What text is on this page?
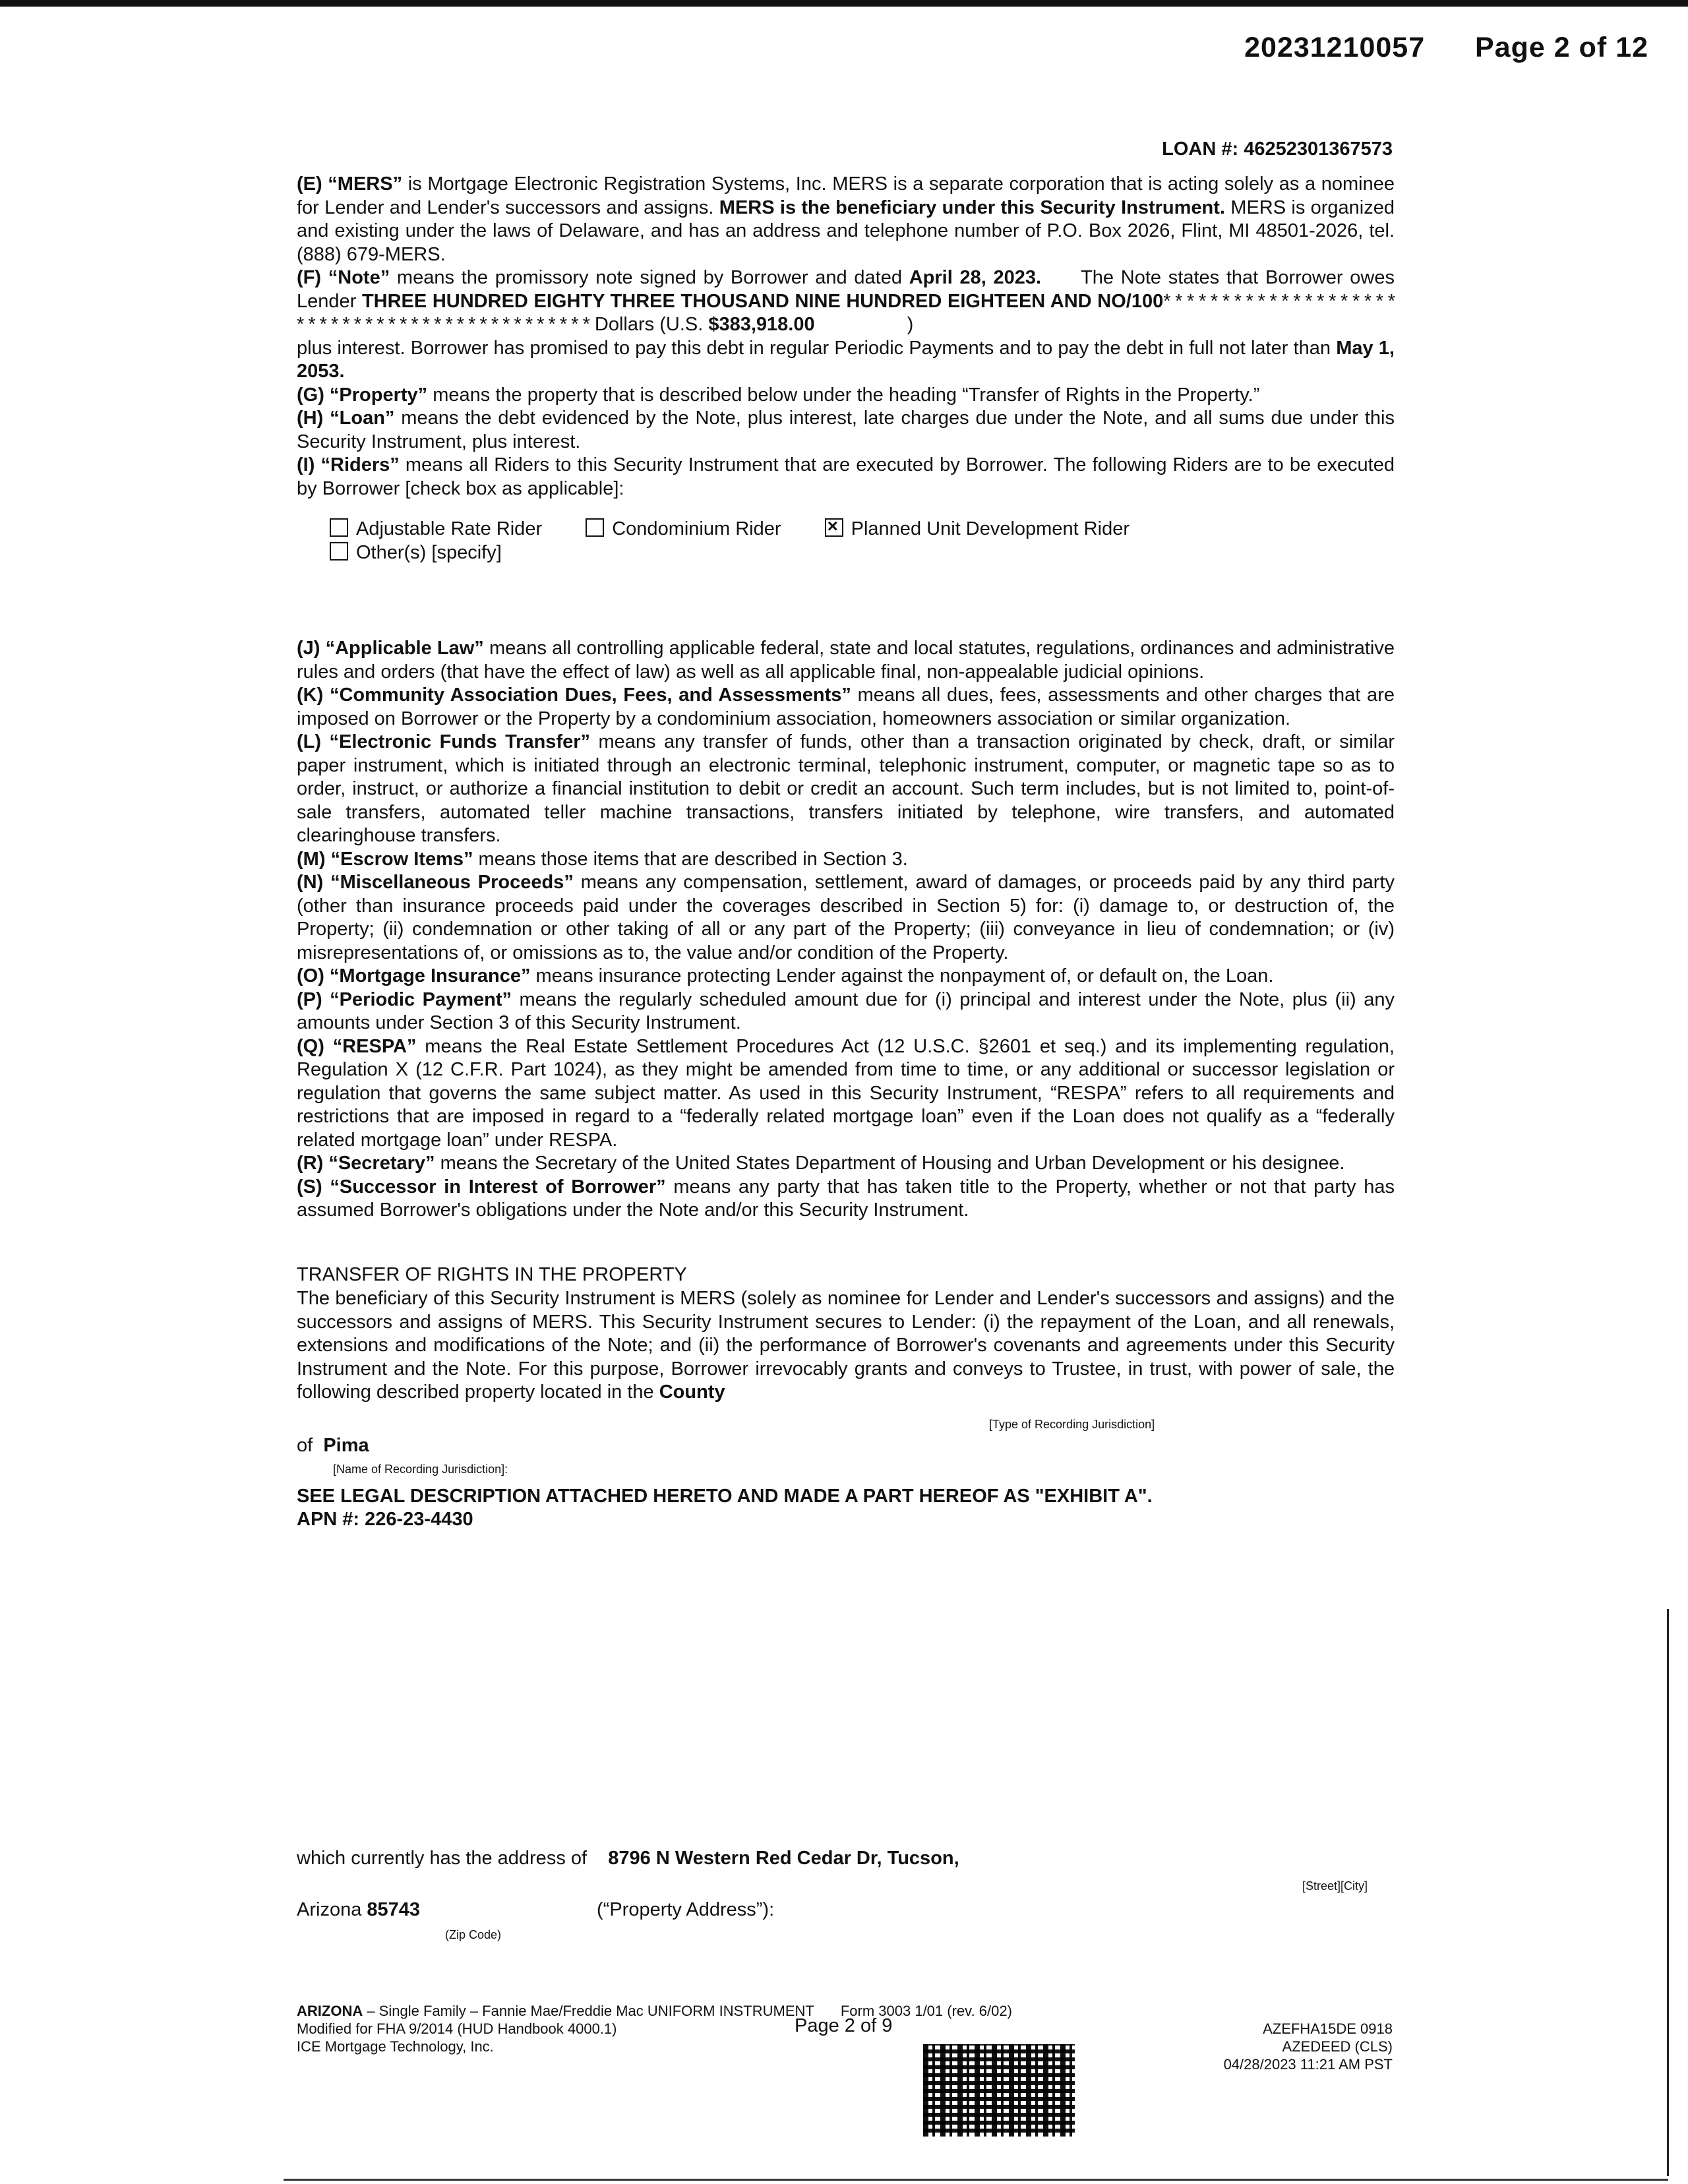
20231210057 Page 2 of 12
LOAN #: 46252301367573

(E) “MERS” is Mortgage Electronic Registration Systems, Inc. MERS is a separate corporation that is acting solely as a nominee for Lender and Lender's successors and assigns. MERS is the beneficiary under this Security Instrument. MERS is organized and existing under the laws of Delaware, and has an address and telephone number of P.O. Box 2026, Flint, MI 48501-2026, tel. (888) 679-MERS.

(F) “Note” means the promissory note signed by Borrower and dated April 28, 2023. The Note states that Borrower owes Lender THREE HUNDRED EIGHTY THREE THOUSAND NINE HUNDRED EIGHTEEN AND NO/100* * * * * * * * * * * * * * * * * * * * * * * * * * * * * * * * * * * * * * * * * * * * * * Dollars (U.S. $383,918.00	)

plus interest. Borrower has promised to pay this debt in regular Periodic Payments and to pay the debt in full not later than May 1, 2053.

(G) “Property” means the property that is described below under the heading “Transfer of Rights in the Property.”

(H) “Loan” means the debt evidenced by the Note, plus interest, late charges due under the Note, and all sums due under this Security Instrument, plus interest.

(I) “Riders” means all Riders to this Security Instrument that are executed by Borrower. The following Riders are to be executed by Borrower [check box as applicable]:

Adjustable Rate Rider	Condominium Rider  ×	Planned Unit Development Rider
Other(s) [specify]

(J) “Applicable Law” means all controlling applicable federal, state and local statutes, regulations, ordinances and administrative rules and orders (that have the effect of law) as well as all applicable final, non-appealable judicial opinions.

(K) “Community Association Dues, Fees, and Assessments” means all dues, fees, assessments and other charges that are imposed on Borrower or the Property by a condominium association, homeowners association or similar organization.

(L) “Electronic Funds Transfer” means any transfer of funds, other than a transaction originated by check, draft, or similar paper instrument, which is initiated through an electronic terminal, telephonic instrument, computer, or magnetic tape so as to order, instruct, or authorize a financial institution to debit or credit an account. Such term includes, but is not limited to, point-of-sale transfers, automated teller machine transactions, transfers initiated by telephone, wire transfers, and automated clearinghouse transfers.

(M) “Escrow Items” means those items that are described in Section 3.

(N) “Miscellaneous Proceeds” means any compensation, settlement, award of damages, or proceeds paid by any third party (other than insurance proceeds paid under the coverages described in Section 5) for: (i) damage to, or destruction of, the Property; (ii) condemnation or other taking of all or any part of the Property; (iii) conveyance in lieu of condemnation; or (iv) misrepresentations of, or omissions as to, the value and/or condition of the Property.

(O) “Mortgage Insurance” means insurance protecting Lender against the nonpayment of, or default on, the Loan.

(P) “Periodic Payment” means the regularly scheduled amount due for (i) principal and interest under the Note, plus (ii) any amounts under Section 3 of this Security Instrument.

(Q) “RESPA” means the Real Estate Settlement Procedures Act (12 U.S.C. §2601 et seq.) and its implementing regulation, Regulation X (12 C.F.R. Part 1024), as they might be amended from time to time, or any additional or successor legislation or regulation that governs the same subject matter. As used in this Security Instrument, “RESPA” refers to all requirements and restrictions that are imposed in regard to a “federally related mortgage loan” even if the Loan does not qualify as a “federally related mortgage loan” under RESPA.

(R) “Secretary” means the Secretary of the United States Department of Housing and Urban Development or his designee.

(S) “Successor in Interest of Borrower” means any party that has taken title to the Property, whether or not that party has assumed Borrower's obligations under the Note and/or this Security Instrument.

TRANSFER OF RIGHTS IN THE PROPERTY
The beneficiary of this Security Instrument is MERS (solely as nominee for Lender and Lender's successors and assigns) and the successors and assigns of MERS. This Security Instrument secures to Lender: (i) the repayment of the Loan, and all renewals, extensions and modifications of the Note; and (ii) the performance of Borrower's covenants and agreements under this Security Instrument and the Note. For this purpose, Borrower irrevocably grants and conveys to Trustee, in trust, with power of sale, the following described property located in the County
[Type of Recording Jurisdiction]
of Pima
[Name of Recording Jurisdiction]:
SEE LEGAL DESCRIPTION ATTACHED HERETO AND MADE A PART HEREOF AS "EXHIBIT A".
APN #: 226-23-4430
which currently has the address of 8796 N Western Red Cedar Dr, Tucson,
[Street][City]
Arizona 85743	(“Property Address”):
(Zip Code)
ARIZONA – Single Family – Fannie Mae/Freddie Mac UNIFORM INSTRUMENT Form 3003 1/01 (rev. 6/02)
Modified for FHA 9/2014 (HUD Handbook 4000.1)
ICE Mortgage Technology, Inc.
Page 2 of 9	AZEFHA15DE 0918
AZEDEED (CLS)
04/28/2023 11:21 AM PST
